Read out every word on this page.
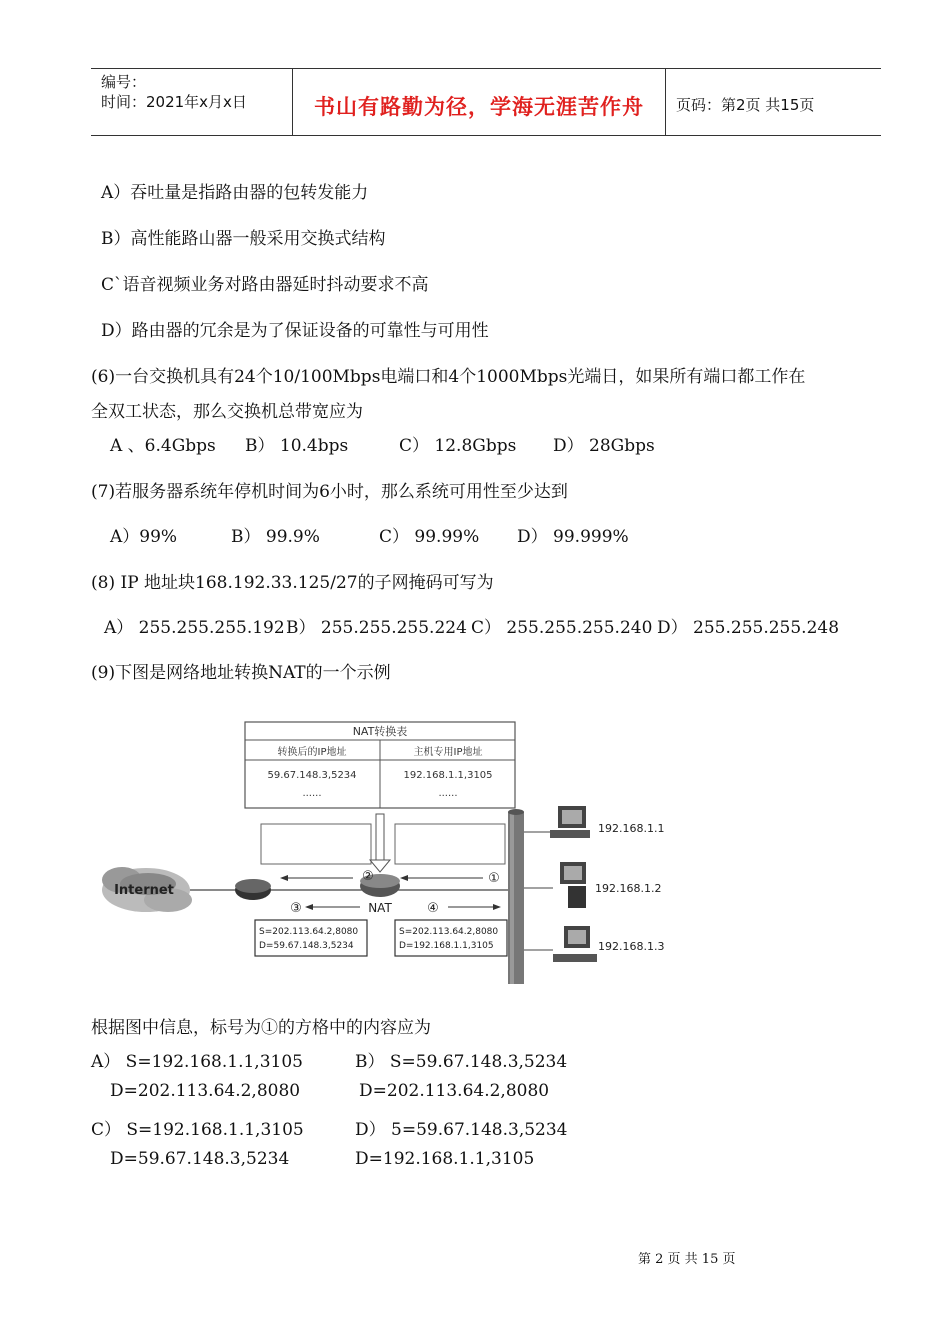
编号：
时间：2021年x月x日	书山有路勤为径，学海无涯苦作舟 页码：第2页 共15页
A）吞吐量是指路由器的包转发能力
B）高性能路山器一般采用交换式结构
C`语音视频业务对路由器延时抖动要求不高
D）路由器的冗余是为了保证设备的可靠性与可用性
(6)一台交换机具有24个10/100Mbps电端口和4个1000Mbps光端日，如果所有端口都工作在
全双工状态，那么交换机总带宽应为
A 、6.4Gbps B） 10.4bps	C） 12.8Gbps D） 28Gbps
(7)若服务器系统年停机时间为6小时，那么系统可用性至少达到
A）99%	B） 99.9%	C） 99.99% D） 99.999%
(8) IP 地址块168.192.33.125/27的子网掩码可写为
A） 255.255.255.192 B） 255.255.255.224 C） 255.255.255.240 D） 255.255.255.248
(9)下图是网络地址转换NAT的一个示例
NAT转换表
转换后的IP地址	主机专用IP地址
59.67.148.3,5234	192.168.1.1,3105
......	......
Internet
NAT
①
②
③	④
S=202.113.64.2,8080
D=59.67.148.3,5234
S=202.113.64.2,8080
D=192.168.1.1,3105
192.168.1.1
192.168.1.2
192.168.1.3
根据图中信息，标号为①的方格中的内容应为
A） S=192.168.1.1,3105	B） S=59.67.148.3,5234
D=202.113.64.2,8080	D=202.113.64.2,8080
C） S=192.168.1.1,3105	D） 5=59.67.148.3,5234
D=59.67.148.3,5234	D=192.168.1.1,3105
第 2 页 共 15 页
